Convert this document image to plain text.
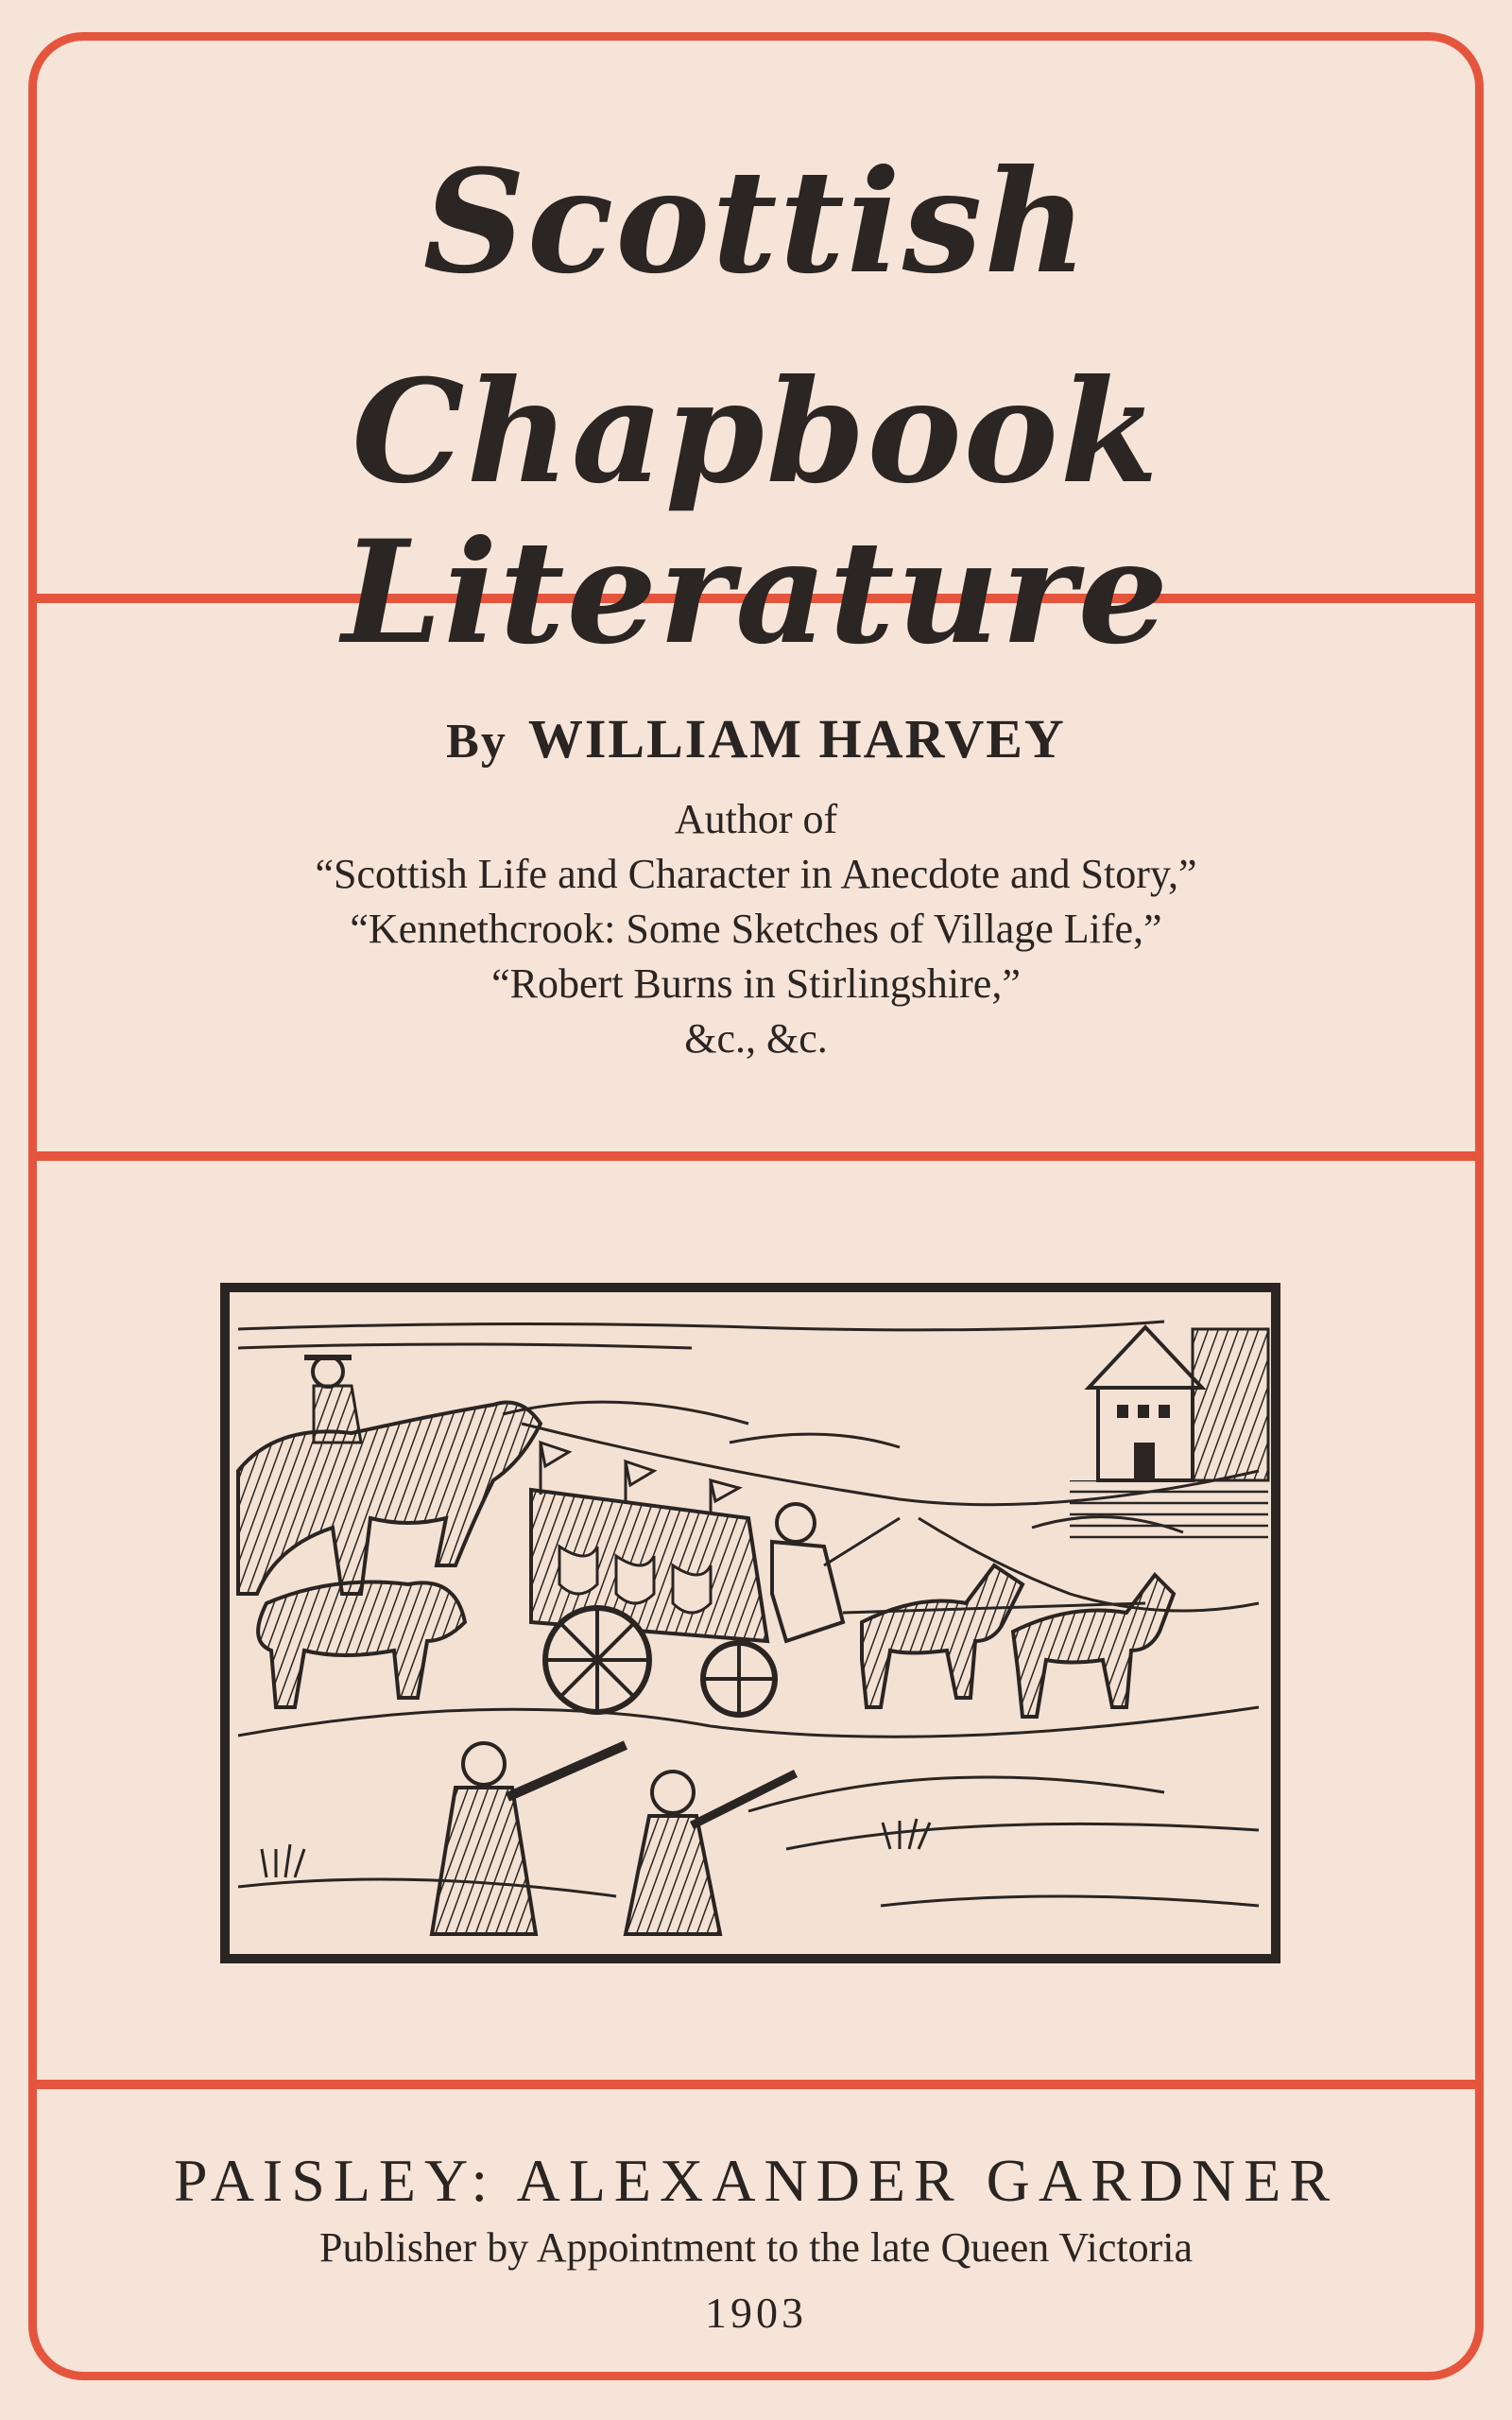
Scottish
Chapbook Literature
By WILLIAM HARVEY
Author of
“Scottish Life and Character in Anecdote and Story,”
“Kennethcrook: Some Sketches of Village Life,”
“Robert Burns in Stirlingshire,”
&c., &c.
PAISLEY: ALEXANDER GARDNER
Publisher by Appointment to the late Queen Victoria
1903
